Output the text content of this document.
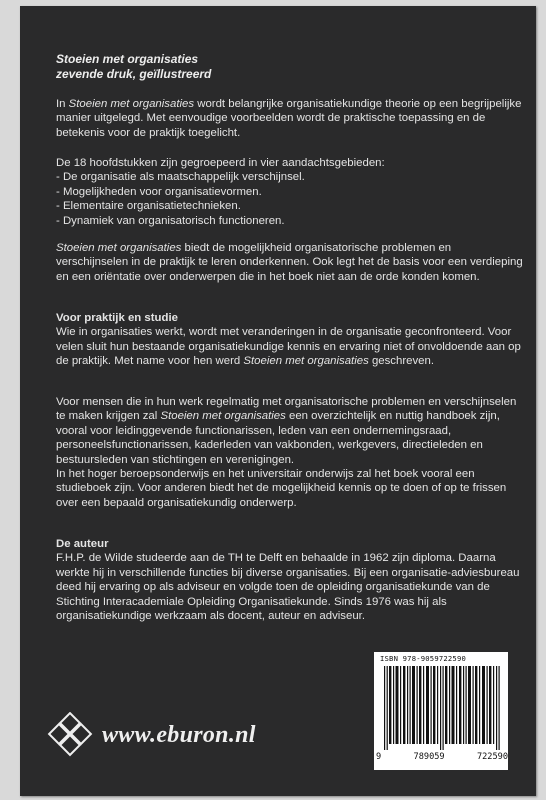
Stoeien met organisaties
zevende druk, geïllustreerd

In Stoeien met organisaties wordt belangrijke organisatiekundige theorie op een begrijpelijke manier uitgelegd. Met eenvoudige voorbeelden wordt de praktische toepassing en de betekenis voor de praktijk toegelicht.

De 18 hoofdstukken zijn gegroepeerd in vier aandachtsgebieden:

- De organisatie als maatschappelijk verschijnsel.

- Mogelijkheden voor organisatievormen.

- Elementaire organisatietechnieken.

- Dynamiek van organisatorisch functioneren.

Stoeien met organisaties biedt de mogelijkheid organisatorische problemen en verschijnselen in de praktijk te leren onderkennen. Ook legt het de basis voor een verdieping en een oriëntatie over onderwerpen die in het boek niet aan de orde konden komen.

Voor praktijk en studie

Wie in organisaties werkt, wordt met veranderingen in de organisatie geconfronteerd. Voor velen sluit hun bestaande organisatiekundige kennis en ervaring niet of onvoldoende aan op de praktijk. Met name voor hen werd Stoeien met organisaties geschreven.

Voor mensen die in hun werk regelmatig met organisatorische problemen en verschijnselen te maken krijgen zal Stoeien met organisaties een overzichtelijk en nuttig handboek zijn, vooral voor leidinggevende functionarissen, leden van een ondernemingsraad, personeelsfunctionarissen, kaderleden van vakbonden, werkgevers, directieleden en bestuursleden van stichtingen en verenigingen.

In het hoger beroepsonderwijs en het universitair onderwijs zal het boek vooral een studieboek zijn. Voor anderen biedt het de mogelijkheid kennis op te doen of op te frissen over een bepaald organisatiekundig onderwerp.

De auteur

F.H.P. de Wilde studeerde aan de TH te Delft en behaalde in 1962 zijn diploma. Daarna werkte hij in verschillende functies bij diverse organisaties. Bij een organisatie-adviesbureau deed hij ervaring op als adviseur en volgde toen de opleiding organisatiekunde van de Stichting Interacademiale Opleiding Organisatiekunde. Sinds 1976 was hij als organisatiekundige werkzaam als docent, auteur en adviseur.

www.eburon.nl
ISBN 978-9059722590
9	789059	722590
